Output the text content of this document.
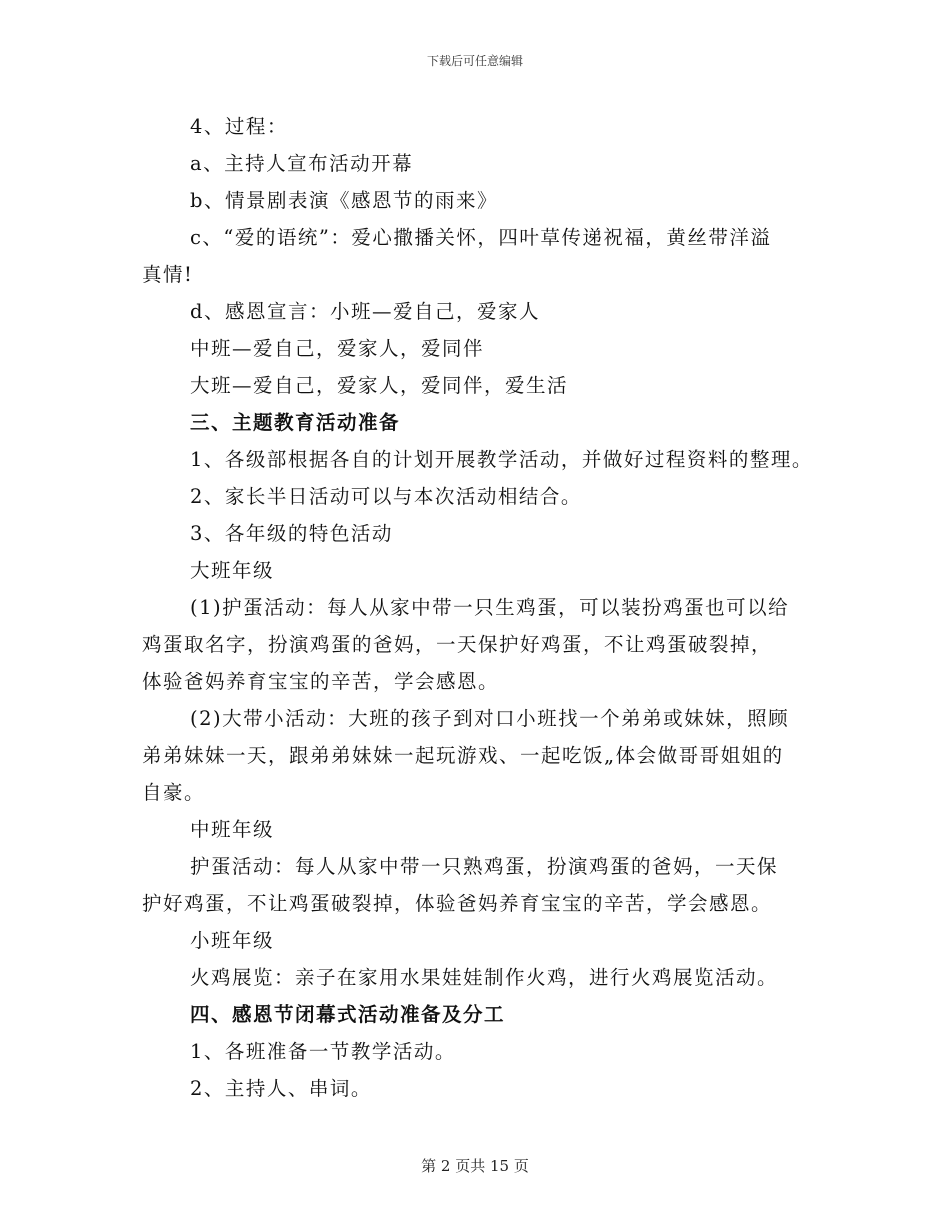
下载后可任意编辑
4、过程：
a、主持人宣布活动开幕
b、情景剧表演《感恩节的雨来》
c、“爱的语统”：爱心撒播关怀，四叶草传递祝福，黄丝带洋溢
真情!
d、感恩宣言：小班—爱自己，爱家人
中班—爱自己，爱家人，爱同伴
大班—爱自己，爱家人，爱同伴，爱生活
三、主题教育活动准备
1、各级部根据各自的计划开展教学活动，并做好过程资料的整理。
2、家长半日活动可以与本次活动相结合。
3、各年级的特色活动
大班年级
(1)护蛋活动：每人从家中带一只生鸡蛋，可以装扮鸡蛋也可以给
鸡蛋取名字，扮演鸡蛋的爸妈，一天保护好鸡蛋，不让鸡蛋破裂掉，
体验爸妈养育宝宝的辛苦，学会感恩。
(2)大带小活动：大班的孩子到对口小班找一个弟弟或妹妹，照顾
弟弟妹妹一天，跟弟弟妹妹一起玩游戏、一起吃饭„体会做哥哥姐姐的
自豪。
中班年级
护蛋活动：每人从家中带一只熟鸡蛋，扮演鸡蛋的爸妈，一天保
护好鸡蛋，不让鸡蛋破裂掉，体验爸妈养育宝宝的辛苦，学会感恩。
小班年级
火鸡展览：亲子在家用水果娃娃制作火鸡，进行火鸡展览活动。
四、感恩节闭幕式活动准备及分工
1、各班准备一节教学活动。
2、主持人、串词。
第 2 页共 15 页
